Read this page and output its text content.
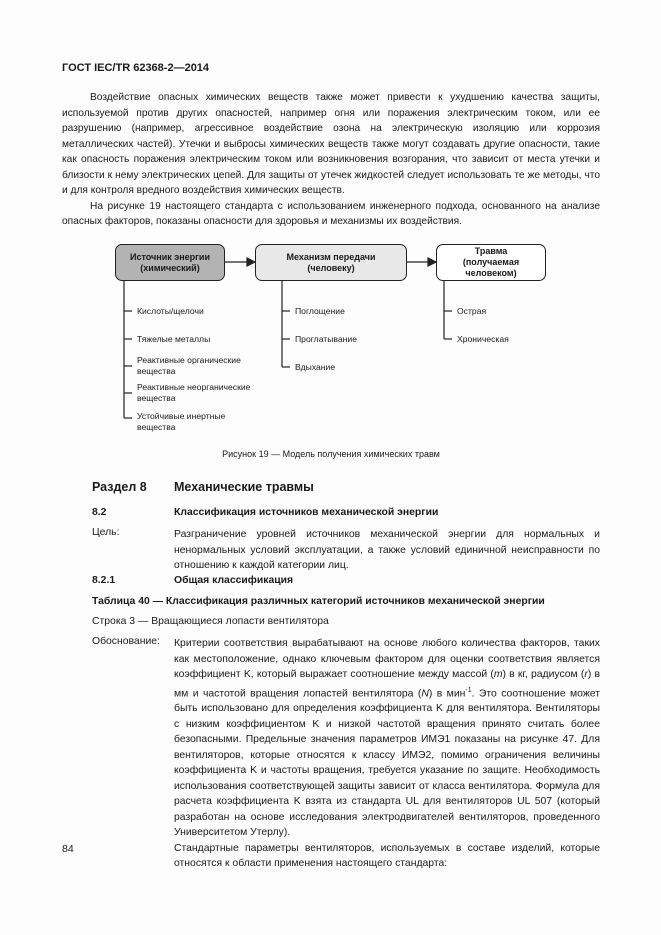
ГОСТ IEC/TR 62368-2—2014

Воздействие опасных химических веществ также может привести к ухудшению качества защиты, используемой против других опасностей, например огня или поражения электрическим током, или ее разрушению (например, агрессивное воздействие озона на электрическую изоляцию или коррозия металлических частей). Утечки и выбросы химических веществ также могут создавать другие опасности, такие как опасность поражения электрическим током или возникновения возгорания, что зависит от места утечки и близости к нему электрических цепей. Для защиты от утечек жидкостей следует использовать те же методы, что и для контроля вредного воздействия химических веществ.

На рисунке 19 настоящего стандарта с использованием инженерного подхода, основанного на анализе опасных факторов, показаны опасности для здоровья и механизмы их воздействия.

Источник энергии (химический)
Механизм передачи (человеку)
Травма (получаемая человеком)
Кислоты/щелочи
Тяжелые металлы
Реактивные органические вещества
Реактивные неорганические вещества
Устойчивые инертные вещества
Поглощение
Проглатывание
Вдыхание
Острая
Хроническая
Рисунок 19 — Модель получения химических травм
Раздел 8 Механические травмы
8.2	Классификация источников механической энергии
Цель:	Разграничение уровней источников механической энергии для нормальных и ненормальных условий эксплуатации, а также условий единичной неисправности по отношению к каждой категории лиц.

8.2.1	Общая классификация
Таблица 40 — Классификация различных категорий источников механической энергии
Строка 3 — Вращающиеся лопасти вентилятора
Обоснование: Критерии соответствия вырабатывают на основе любого количества факторов, таких как местоположение, однако ключевым фактором для оценки соответствия является коэффициент K, который выражает соотношение между массой (m) в кг, радиусом (r) в мм и частотой вращения лопастей вентилятора (N) в мин$^{-1}$. Это соотношение может быть использовано для определения коэффициента K для вентилятора. Вентиляторы с низким коэффициентом K и низкой частотой вращения принято считать более безопасными. Предельные значения параметров ИМЭ1 показаны на рисунке 47. Для вентиляторов, которые относятся к классу ИМЭ2, помимо ограничения величины коэффициента K и частоты вращения, требуется указание по защите. Необходимость использования соответствующей защиты зависит от класса вентилятора. Формула для расчета коэффициента K взята из стандарта UL для вентиляторов UL 507 (который разработан на основе исследования электродвигателей вентиляторов, проведенного Университетом Утерлу).

Стандартные параметры вентиляторов, используемых в составе изделий, которые относятся к области применения настоящего стандарта:

84
